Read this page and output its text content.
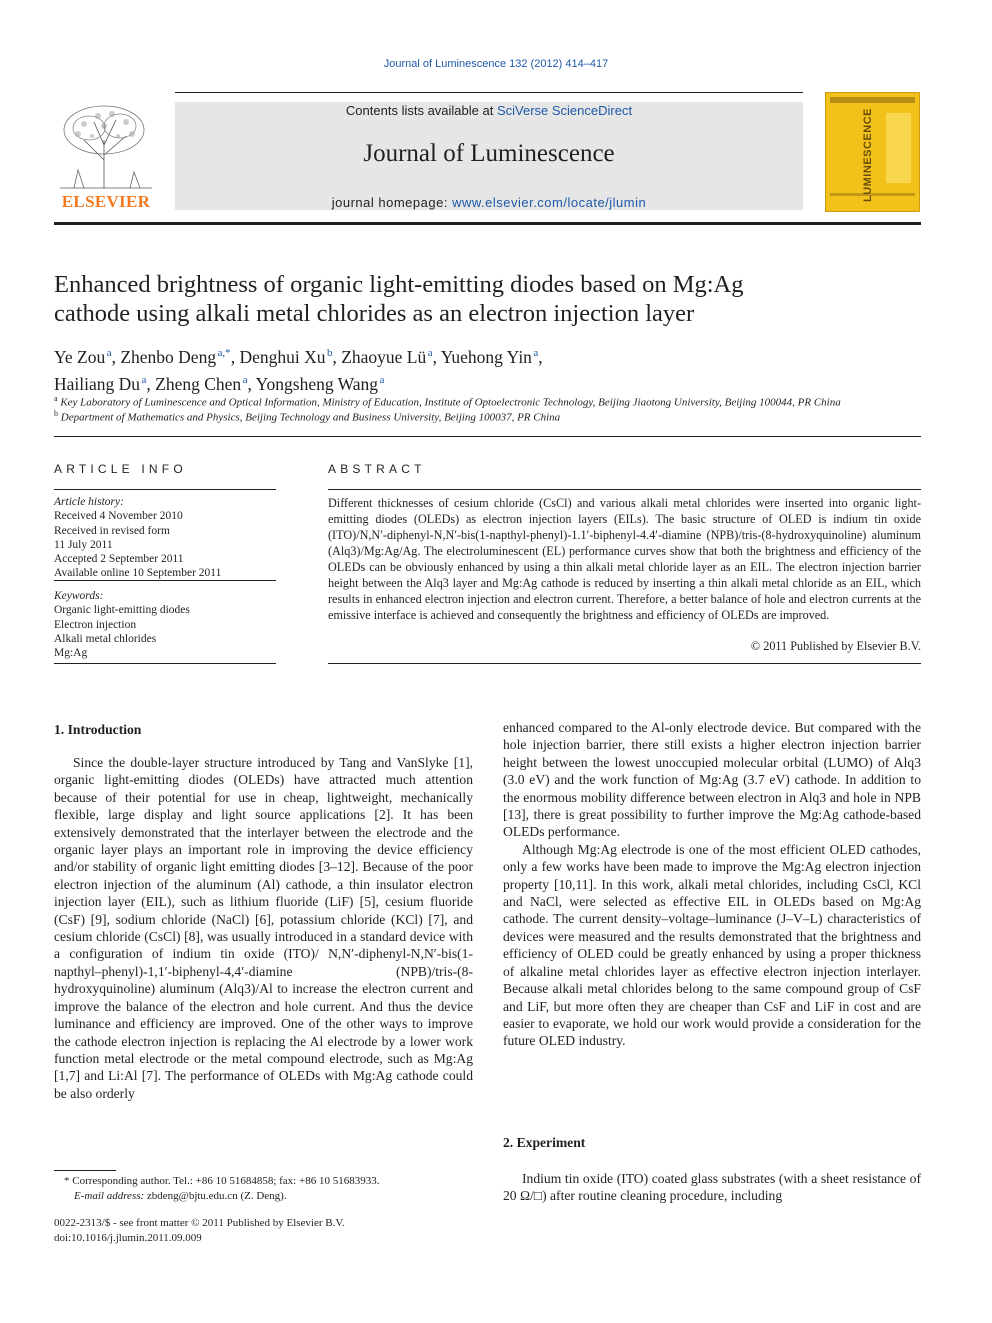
Journal of Luminescence 132 (2012) 414–417
Contents lists available at SciVerse ScienceDirect
Journal of Luminescence
journal homepage: www.elsevier.com/locate/jlumin
ELSEVIER	LUMINESCENCE
Enhanced brightness of organic light-emitting diodes based on Mg:Ag
cathode using alkali metal chlorides as an electron injection layer
Ye Zou $^a$, Zhenbo Deng $^{a,*}$, Denghui Xu $^b$, Zhaoyue Lü $^a$, Yuehong Yin $^a$,
Hailiang Du $^a$, Zheng Chen $^a$, Yongsheng Wang $^a$
$^a$ Key Laboratory of Luminescence and Optical Information, Ministry of Education, Institute of Optoelectronic Technology, Beijing Jiaotong University, Beijing 100044, PR China
$^b$ Department of Mathematics and Physics, Beijing Technology and Business University, Beijing 100037, PR China
ARTICLE INFO
Article history:
Received 4 November 2010
Received in revised form
11 July 2011
Accepted 2 September 2011
Available online 10 September 2011
Keywords:
Organic light-emitting diodes
Electron injection
Alkali metal chlorides
Mg:Ag
ABSTRACT
Different thicknesses of cesium chloride (CsCl) and various alkali metal chlorides were inserted into organic light-emitting diodes (OLEDs) as electron injection layers (EILs). The basic structure of OLED is indium tin oxide (ITO)/N,N′-diphenyl-N,N′-bis(1-napthyl-phenyl)-1.1′-biphenyl-4.4′-diamine (NPB)/tris-(8-hydroxyquinoline) aluminum (Alq3)/Mg:Ag/Ag. The electroluminescent (EL) performance curves show that both the brightness and efficiency of the OLEDs can be obviously enhanced by using a thin alkali metal chloride layer as an EIL. The electron injection barrier height between the Alq3 layer and Mg:Ag cathode is reduced by inserting a thin alkali metal chloride as an EIL, which results in enhanced electron injection and electron current. Therefore, a better balance of hole and electron currents at the emissive interface is achieved and consequently the brightness and efficiency of OLEDs are improved.
© 2011 Published by Elsevier B.V.
1. Introduction

Since the double-layer structure introduced by Tang and VanSlyke [1], organic light-emitting diodes (OLEDs) have attracted much attention because of their potential for use in cheap, lightweight, mechanically flexible, large display and light source applications [2]. It has been extensively demonstrated that the interlayer between the electrode and the organic layer plays an important role in improving the device efficiency and/or stability of organic light emitting diodes [3–12]. Because of the poor electron injection of the aluminum (Al) cathode, a thin insulator electron injection layer (EIL), such as lithium fluoride (LiF) [5], cesium fluoride (CsF) [9], sodium chloride (NaCl) [6], potassium chloride (KCl) [7], and cesium chloride (CsCl) [8], was usually introduced in a standard device with a configuration of indium tin oxide (ITO)/ N,N′-diphenyl-N,N′-bis(1-napthyl–phenyl)-1,1′-biphenyl-4,4′-diamine (NPB)/tris-(8-hydroxyquinoline) aluminum (Alq3)/Al to increase the electron current and improve the balance of the electron and hole current. And thus the device luminance and efficiency are improved. One of the other ways to improve the cathode electron injection is replacing the Al electrode by a lower work function metal electrode or the metal compound electrode, such as Mg:Ag [1,7] and Li:Al [7]. The performance of OLEDs with Mg:Ag cathode could be also orderly

enhanced compared to the Al-only electrode device. But compared with the hole injection barrier, there still exists a higher electron injection barrier height between the lowest unoccupied molecular orbital (LUMO) of Alq3 (3.0 eV) and the work function of Mg:Ag (3.7 eV) cathode. In addition to the enormous mobility difference between electron in Alq3 and hole in NPB [13], there is great possibility to further improve the Mg:Ag cathode-based OLEDs performance.

Although Mg:Ag electrode is one of the most efficient OLED cathodes, only a few works have been made to improve the Mg:Ag electron injection property [10,11]. In this work, alkali metal chlorides, including CsCl, KCl and NaCl, were selected as effective EIL in OLEDs based on Mg:Ag cathode. The current density–voltage–luminance (J–V–L) characteristics of devices were measured and the results demonstrated that the brightness and efficiency of OLED could be greatly enhanced by using a proper thickness of alkaline metal chlorides layer as effective electron injection interlayer. Because alkali metal chlorides belong to the same compound group of CsF and LiF, but more often they are cheaper than CsF and LiF in cost and are easier to evaporate, we hold our work would provide a consideration for the future OLED industry.

2. Experiment

Indium tin oxide (ITO) coated glass substrates (with a sheet resistance of 20 Ω/□) after routine cleaning procedure, including

* Corresponding author. Tel.: +86 10 51684858; fax: +86 10 51683933.
E-mail address: zbdeng@bjtu.edu.cn (Z. Deng).
0022-2313/$ - see front matter © 2011 Published by Elsevier B.V.
doi:10.1016/j.jlumin.2011.09.009
